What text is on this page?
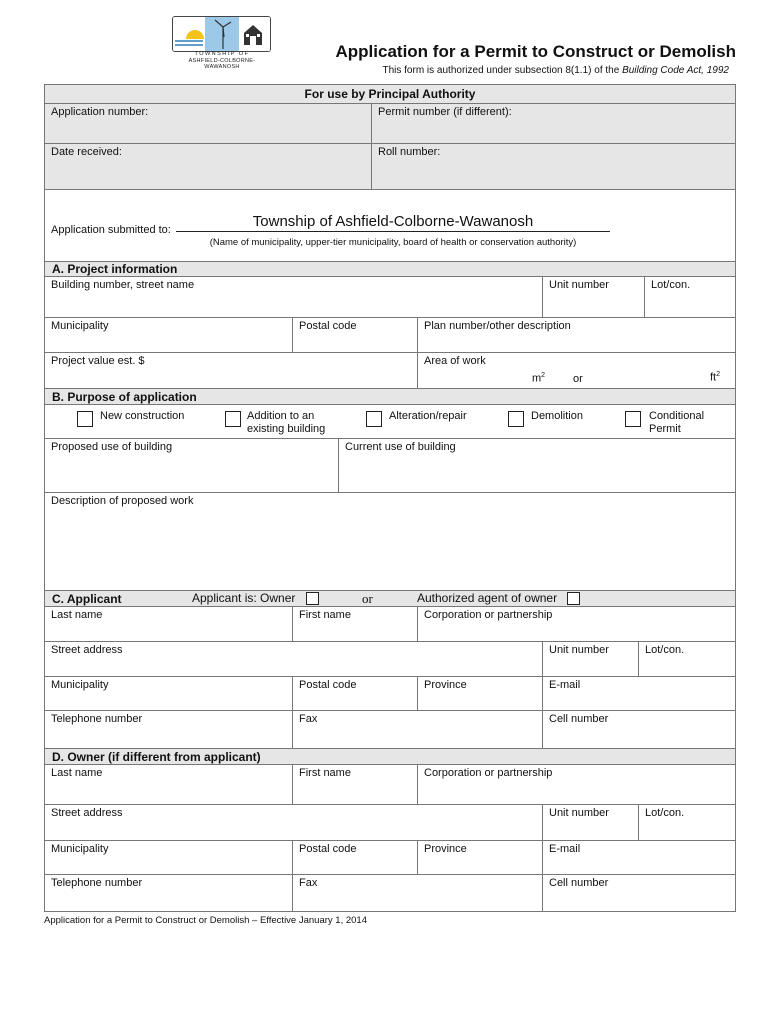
TOWNSHIP OF
ASHFIELD-COLBORNE-WAWANOSH
Application for a Permit to Construct or Demolish
This form is authorized under subsection 8(1.1) of the Building Code Act, 1992
For use by Principal Authority
Application number:	Permit number (if different):
Date received:	Roll number:
Application submitted to:	Township of Ashfield-Colborne-Wawanosh
(Name of municipality, upper-tier municipality, board of health or conservation authority)
A. Project information
Building number, street name	Unit number	Lot/con.
Municipality	Postal code	Plan number/other description
Project value est. $	Area of work
$m^2$	or	$ft^2$
B. Purpose of application
New construction	Addition to an existing building
Alteration/repair	Demolition	Conditional Permit
Proposed use of building	Current use of building
Description of proposed work
C. Applicant	Applicant is: Owner	or	Authorized agent of owner
Last name	First name	Corporation or partnership
Street address	Unit number	Lot/con.
Municipality	Postal code	Province	E-mail
Telephone number	Fax	Cell number
D. Owner (if different from applicant)
Last name	First name	Corporation or partnership
Street address	Unit number	Lot/con.
Municipality	Postal code	Province	E-mail
Telephone number	Fax	Cell number
Application for a Permit to Construct or Demolish – Effective January 1, 2014
